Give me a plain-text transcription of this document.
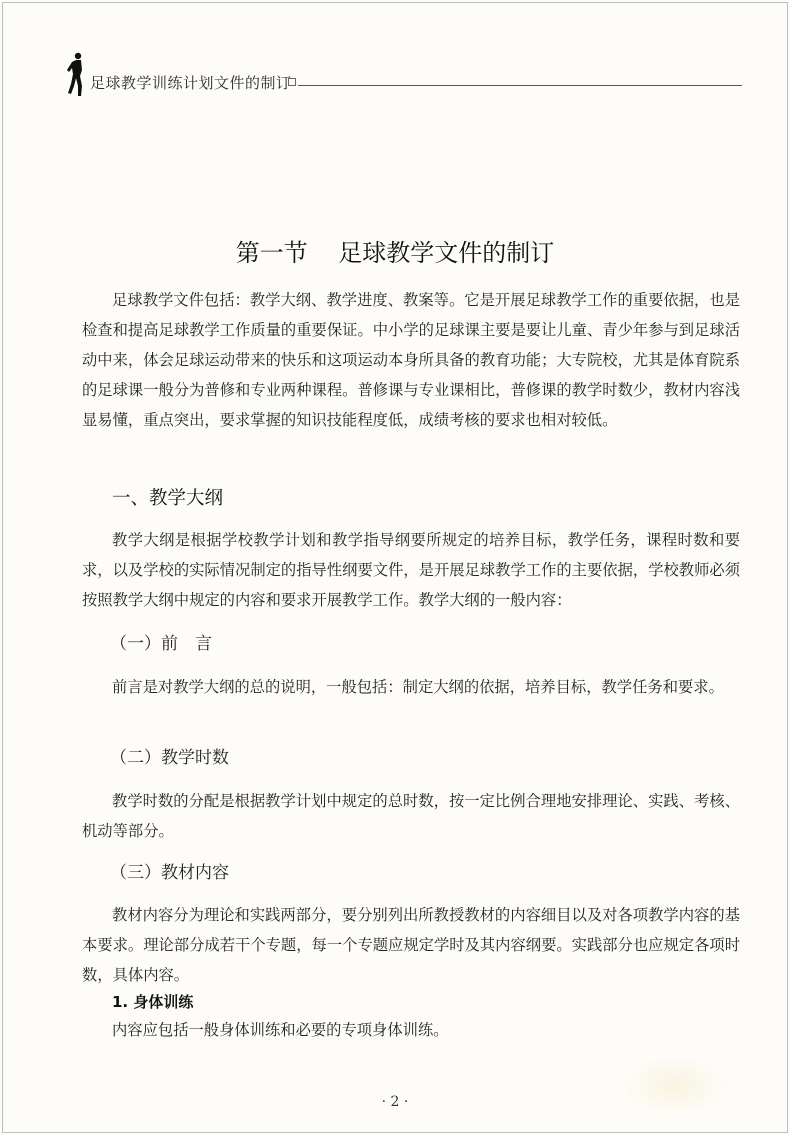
足球教学训练计划文件的制订
第一节    足球教学文件的制订

足球教学文件包括：教学大纲、教学进度、教案等。它是开展足球教学工作的重要依据，也是检查和提高足球教学工作质量的重要保证。中小学的足球课主要是要让儿童、青少年参与到足球活动中来，体会足球运动带来的快乐和这项运动本身所具备的教育功能；大专院校，尤其是体育院系的足球课一般分为普修和专业两种课程。普修课与专业课相比，普修课的教学时数少，教材内容浅显易懂，重点突出，要求掌握的知识技能程度低，成绩考核的要求也相对较低。

一、教学大纲

教学大纲是根据学校教学计划和教学指导纲要所规定的培养目标，教学任务，课程时数和要求，以及学校的实际情况制定的指导性纲要文件，是开展足球教学工作的主要依据，学校教师必须按照教学大纲中规定的内容和要求开展教学工作。教学大纲的一般内容：

（一）前　言

前言是对教学大纲的总的说明，一般包括：制定大纲的依据，培养目标，教学任务和要求。

（二）教学时数

教学时数的分配是根据教学计划中规定的总时数，按一定比例合理地安排理论、实践、考核、机动等部分。

（三）教材内容

教材内容分为理论和实践两部分，要分别列出所教授教材的内容细目以及对各项教学内容的基本要求。理论部分成若干个专题，每一个专题应规定学时及其内容纲要。实践部分也应规定各项时数，具体内容。

1. 身体训练

内容应包括一般身体训练和必要的专项身体训练。

· 2 ·
